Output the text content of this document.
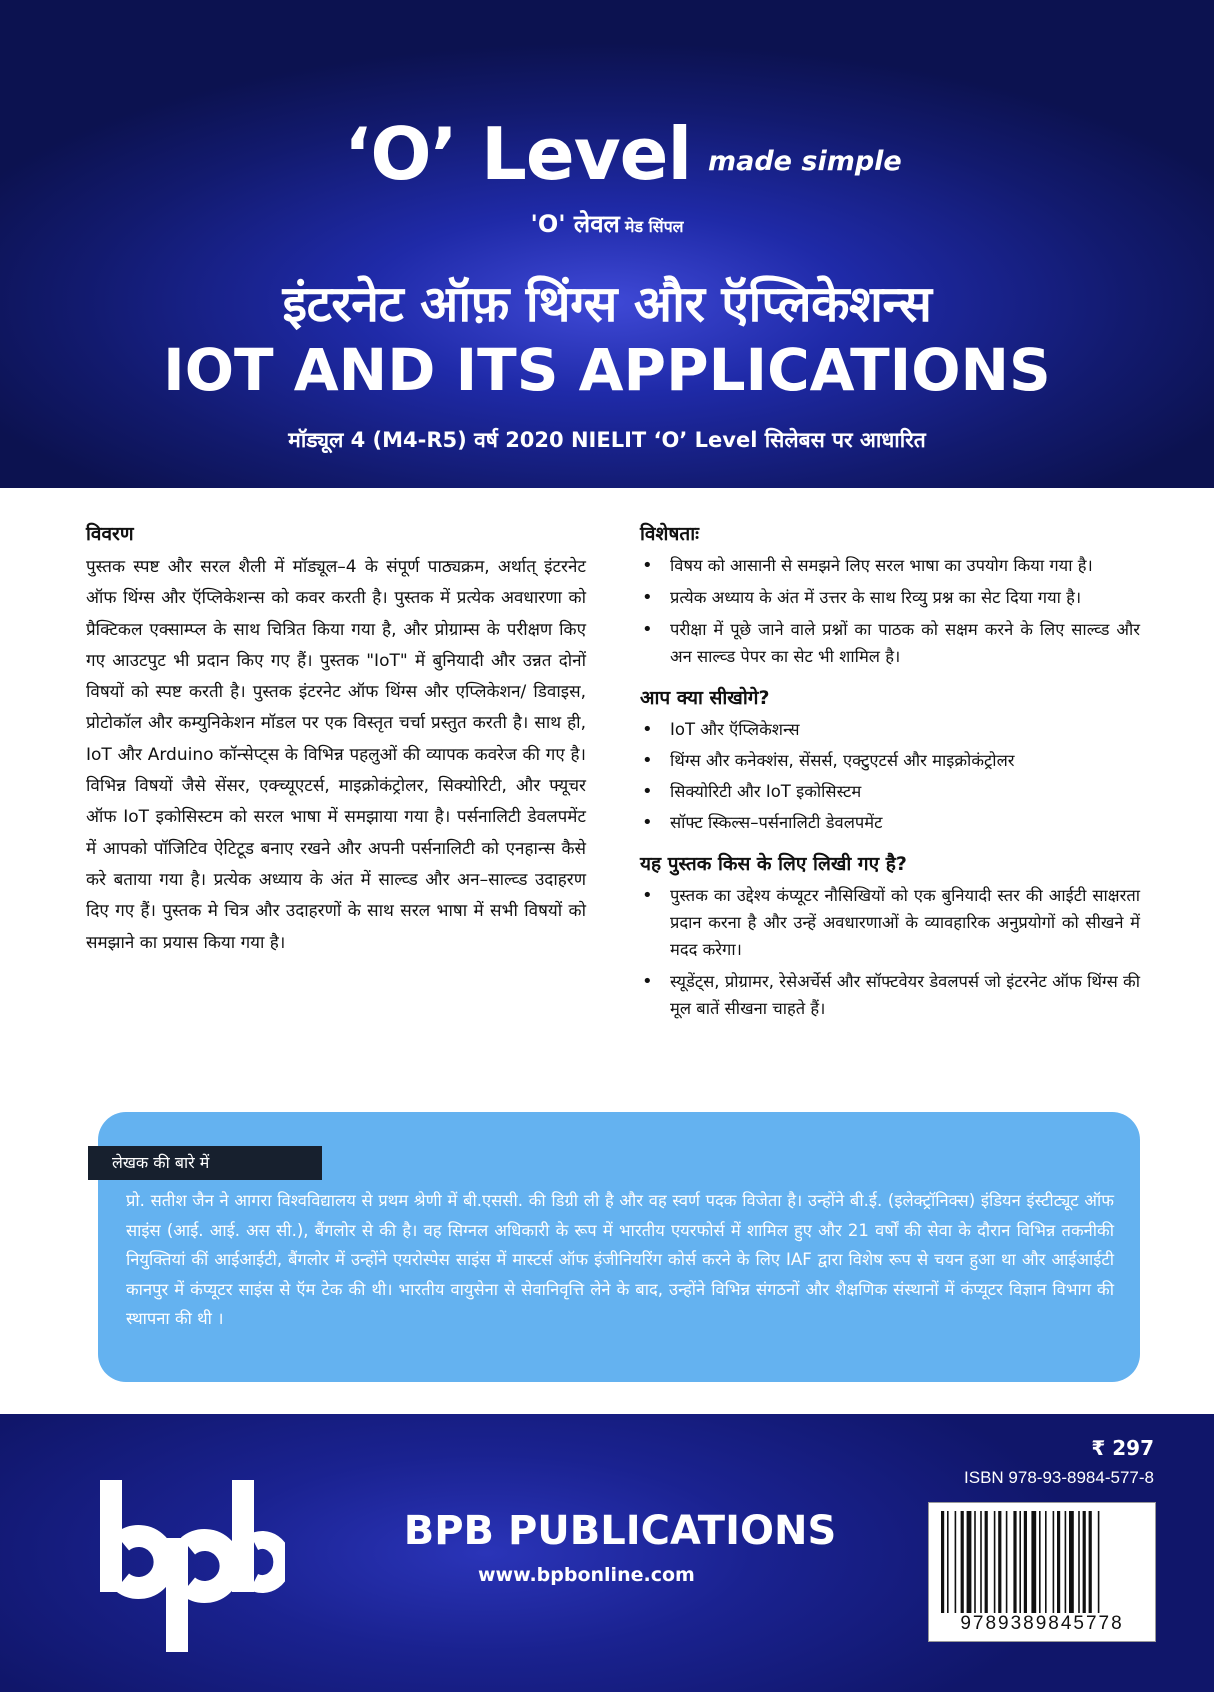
‘O’ Level made simple
'O' लेवल मेड सिंपल
इंटरनेट ऑफ़ थिंग्स और ऍप्लिकेशन्स
IOT AND ITS APPLICATIONS
मॉड्यूल 4 (M4-R5) वर्ष 2020 NIELIT ‘O’ Level सिलेबस पर आधारित
विवरण

पुस्तक स्पष्ट और सरल शैली में मॉड्यूल–4 के संपूर्ण पाठ्यक्रम, अर्थात् इंटरनेट ऑफ थिंग्स और ऍप्लिकेशन्स को कवर करती है। पुस्तक में प्रत्येक अवधारणा को प्रैक्टिकल एक्साम्प्ल के साथ चित्रित किया गया है, और प्रोग्राम्स के परीक्षण किए गए आउटपुट भी प्रदान किए गए हैं। पुस्तक "IoT" में बुनियादी और उन्नत दोनों विषयों को स्पष्ट करती है। पुस्तक इंटरनेट ऑफ थिंग्स और एप्लिकेशन/ डिवाइस, प्रोटोकॉल और कम्युनिकेशन मॉडल पर एक विस्तृत चर्चा प्रस्तुत करती है। साथ ही, IoT और Arduino कॉन्सेप्ट्स के विभिन्न पहलुओं की व्यापक कवरेज की गए है। विभिन्न विषयों जैसे सेंसर, एक्च्यूएटर्स, माइक्रोकंट्रोलर, सिक्योरिटी, और फ्यूचर ऑफ IoT इकोसिस्टम को सरल भाषा में समझाया गया है। पर्सनालिटी डेवलपमेंट में आपको पॉजिटिव ऐटिटूड बनाए रखने और अपनी पर्सनालिटी को एनहान्स कैसे करे बताया गया है। प्रत्येक अध्याय के अंत में साल्व्ड और अन–साल्व्ड उदाहरण दिए गए हैं। पुस्तक मे चित्र और उदाहरणों के साथ सरल भाषा में सभी विषयों को समझाने का प्रयास किया गया है।

विशेषताः
• विषय को आसानी से समझने लिए सरल भाषा का उपयोग किया गया है।
• प्रत्येक अध्याय के अंत में उत्तर के साथ रिव्यु प्रश्न का सेट दिया गया है।
• परीक्षा में पूछे जाने वाले प्रश्नों का पाठक को सक्षम करने के लिए साल्व्ड और अन साल्व्ड पेपर का सेट भी शामिल है।
आप क्या सीखोगे?
• IoT और ऍप्लिकेशन्स
• थिंग्स और कनेक्शंस, सेंसर्स, एक्टुएटर्स और माइक्रोकंट्रोलर
• सिक्योरिटी और IoT इकोसिस्टम
• सॉफ्ट स्किल्स–पर्सनालिटी डेवलपमेंट
यह पुस्तक किस के लिए लिखी गए है?
• पुस्तक का उद्देश्य कंप्यूटर नौसिखियों को एक बुनियादी स्तर की आईटी साक्षरता प्रदान करना है और उन्हें अवधारणाओं के व्यावहारिक अनुप्रयोगों को सीखने में मदद करेगा।
• स्यूडेंट्स, प्रोग्रामर, रेसेअर्चेर्स और सॉफ्टवेयर डेवलपर्स जो इंटरनेट ऑफ थिंग्स की मूल बातें सीखना चाहते हैं।
लेखक की बारे में

प्रो. सतीश जैन ने आगरा विश्वविद्यालय से प्रथम श्रेणी में बी.एससी. की डिग्री ली है और वह स्वर्ण पदक विजेता है। उन्होंने बी.ई. (इलेक्ट्रॉनिक्स) इंडियन इंस्टीट्यूट ऑफ साइंस (आई. आई. अस सी.), बैंगलोर से की है। वह सिग्नल अधिकारी के रूप में भारतीय एयरफोर्स में शामिल हुए और 21 वर्षों की सेवा के दौरान विभिन्न तकनीकी नियुक्तियां कीं आईआईटी, बैंगलोर में उन्होंने एयरोस्पेस साइंस में मास्टर्स ऑफ इंजीनियरिंग कोर्स करने के लिए IAF द्वारा विशेष रूप से चयन हुआ था और आईआईटी कानपुर में कंप्यूटर साइंस से ऍम टेक की थी। भारतीय वायुसेना से सेवानिवृत्ति लेने के बाद, उन्होंने विभिन्न संगठनों और शैक्षणिक संस्थानों में कंप्यूटर विज्ञान विभाग की स्थापना की थी ।

BPB PUBLICATIONS
www.bpbonline.com
₹ 297
ISBN 978-93-8984-577-8
9789389845778
